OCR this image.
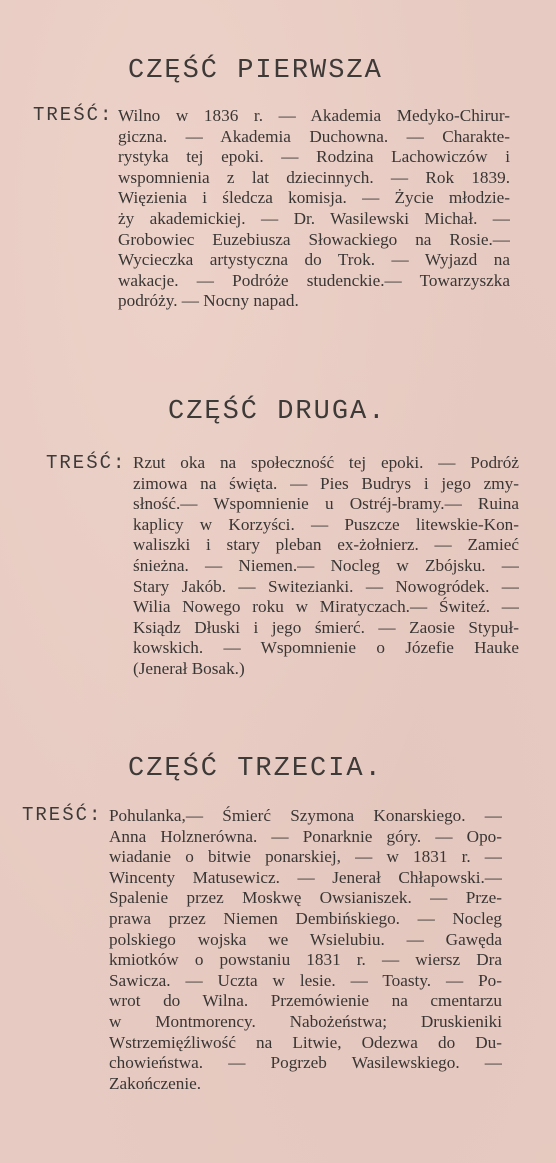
CZĘŚĆ PIERWSZA
TREŚĆ: Wilno w 1836 r. — Akademia Medyko-Chirur-
giczna. — Akademia Duchowna. — Charakte-
rystyka tej epoki. — Rodzina Lachowiczów i
wspomnienia z lat dziecinnych. — Rok 1839.
Więzienia i śledcza komisja. — Życie młodzie-
ży akademickiej. — Dr. Wasilewski Michał. —
Grobowiec Euzebiusza Słowackiego na Rosie.—
Wycieczka artystyczna do Trok. — Wyjazd na
wakacje. — Podróże studenckie.— Towarzyszka
podróży. — Nocny napad.
CZĘŚĆ DRUGA.
TREŚĆ: Rzut oka na społeczność tej epoki. — Podróż
zimowa na święta. — Pies Budrys i jego zmy-
słność.— Wspomnienie u Ostréj-bramy.— Ruina
kaplicy w Korzyści. — Puszcze litewskie-Kon-
waliszki i stary pleban ex-żołnierz. — Zamieć
śnieżna. — Niemen.— Nocleg w Zbójsku. —
Stary Jakób. — Switezianki. — Nowogródek. —
Wilia Nowego roku w Miratyczach.— Świteź. —
Ksiądz Dłuski i jego śmierć. — Zaosie Stypuł-
kowskich. — Wspomnienie o Józefie Hauke
(Jenerał Bosak.)
CZĘŚĆ TRZECIA.
TREŚĆ: Pohulanka,— Śmierć Szymona Konarskiego. —
Anna Holznerówna. — Ponarknie góry. — Opo-
wiadanie o bitwie ponarskiej, — w 1831 r. —
Wincenty Matusewicz. — Jenerał Chłapowski.—
Spalenie przez Moskwę Owsianiszek. — Prze-
prawa przez Niemen Dembińskiego. — Nocleg
polskiego wojska we Wsielubiu. — Gawęda
kmiotków o powstaniu 1831 r. — wiersz Dra
Sawicza. — Uczta w lesie. — Toasty. — Po-
wrot do Wilna. Przemówienie na cmentarzu
w Montmorency. Nabożeństwa; Druskieniki
Wstrzemięźliwość na Litwie, Odezwa do Du-
chowieństwa. — Pogrzeb Wasilewskiego. —
Zakończenie.
